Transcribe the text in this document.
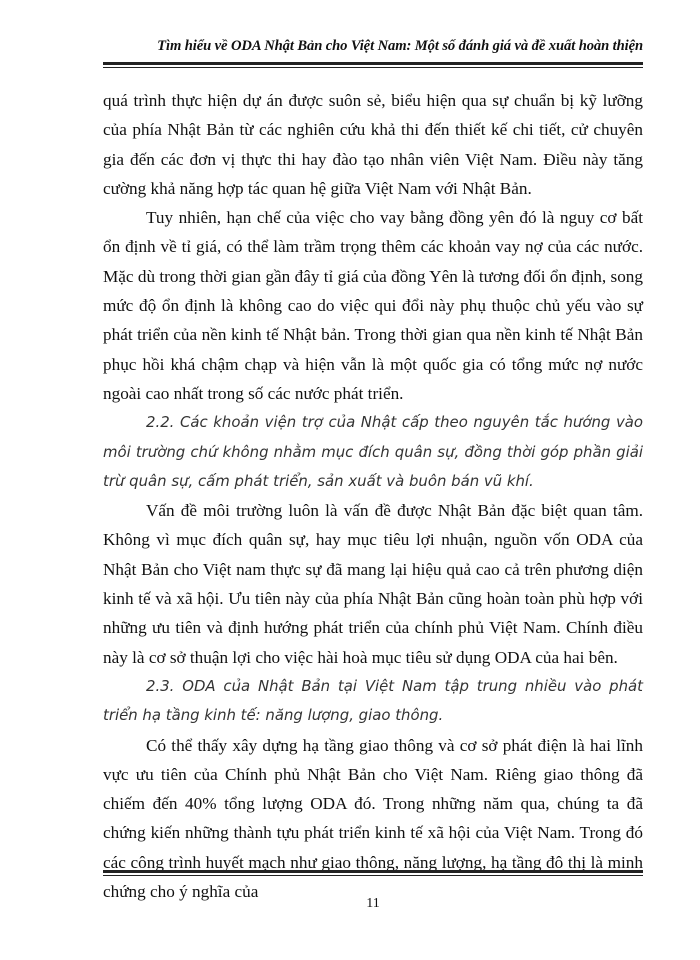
Tìm hiểu về ODA Nhật Bản cho Việt Nam: Một số đánh giá và đề xuất hoàn thiện

quá trình thực hiện dự án được suôn sẻ, biểu hiện qua sự chuẩn bị kỹ lưỡng của phía Nhật Bản từ các nghiên cứu khả thi đến thiết kế chi tiết, cử chuyên gia đến các đơn vị thực thi hay đào tạo nhân viên Việt Nam. Điều này tăng cường khả năng hợp tác quan hệ giữa Việt Nam với Nhật Bản.

Tuy nhiên, hạn chế của việc cho vay bằng đồng yên đó là nguy cơ bất ổn định về tỉ giá, có thể làm trầm trọng thêm các khoản vay nợ của các nước. Mặc dù trong thời gian gần đây tỉ giá của đồng Yên là tương đối ổn định, song mức độ ổn định là không cao do việc qui đổi này phụ thuộc chủ yếu vào sự phát triển của nền kinh tế Nhật bản. Trong thời gian qua nền kinh tế Nhật Bản phục hồi khá chậm chạp và hiện vẫn là một quốc gia có tổng mức nợ nước ngoài cao nhất trong số các nước phát triển.

2.2. Các khoản viện trợ của Nhật cấp theo nguyên tắc hướng vào môi trường chứ không nhằm mục đích quân sự, đồng thời góp phần giải trừ quân sự, cấm phát triển, sản xuất và buôn bán vũ khí.

Vấn đề môi trường luôn là vấn đề được Nhật Bản đặc biệt quan tâm. Không vì mục đích quân sự, hay mục tiêu lợi nhuận, nguồn vốn ODA của Nhật Bản cho Việt nam thực sự đã mang lại hiệu quả cao cả trên phương diện kinh tế và xã hội. Ưu tiên này của phía Nhật Bản cũng hoàn toàn phù hợp với những ưu tiên và định hướng phát triển của chính phủ Việt Nam. Chính điều này là cơ sở thuận lợi cho việc hài hoà mục tiêu sử dụng ODA của hai bên.

2.3. ODA của Nhật Bản tại Việt Nam tập trung nhiều vào phát triển hạ tầng kinh tế: năng lượng, giao thông.

Có thể thấy xây dựng hạ tầng giao thông và cơ sở phát điện là hai lĩnh vực ưu tiên của Chính phủ Nhật Bản cho Việt Nam. Riêng giao thông đã chiếm đến 40% tổng lượng ODA đó. Trong những năm qua, chúng ta đã chứng kiến những thành tựu phát triển kinh tế xã hội của Việt Nam. Trong đó các công trình huyết mạch như giao thông, năng lượng, hạ tầng đô thị là minh chứng cho ý nghĩa của

11
